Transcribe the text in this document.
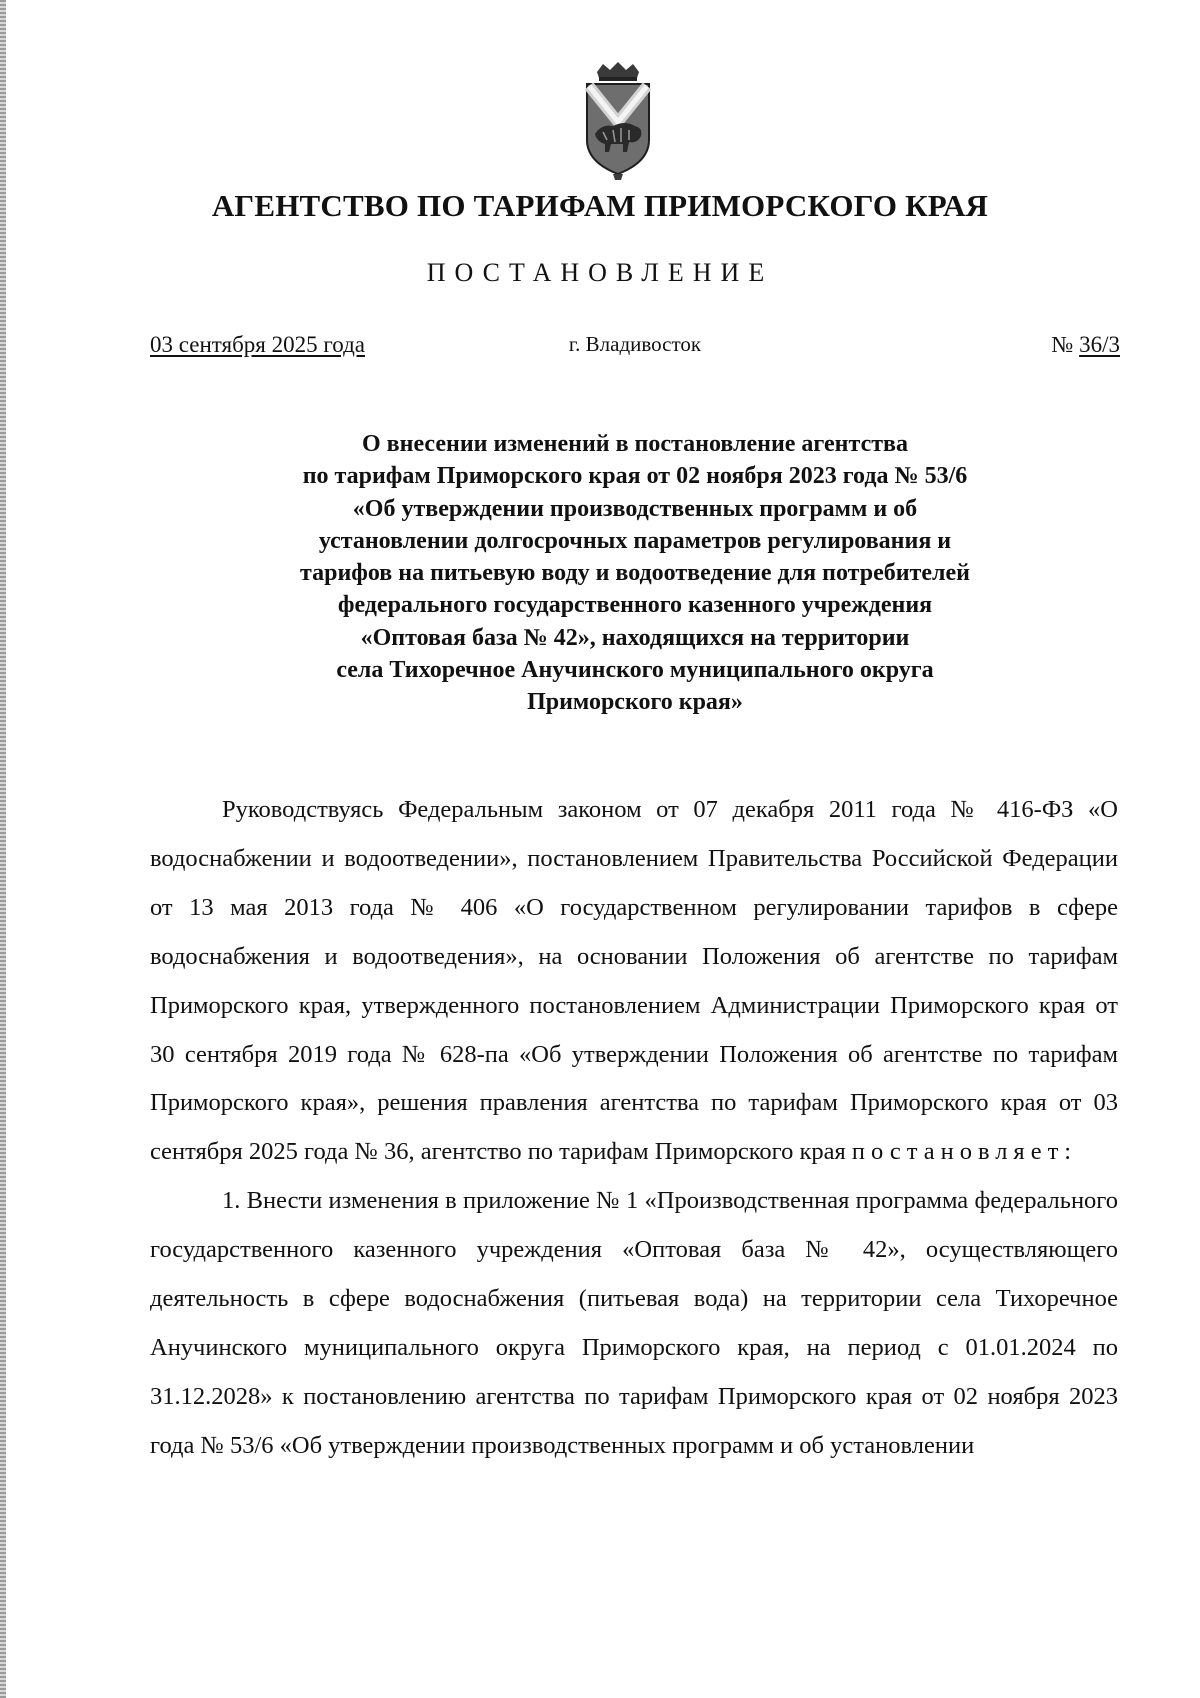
АГЕНТСТВО ПО ТАРИФАМ ПРИМОРСКОГО КРАЯ
ПОСТАНОВЛЕНИЕ
03 сентября 2025 года	г. Владивосток	№ 36/3
О внесении изменений в постановление агентства
по тарифам Приморского края от 02 ноября 2023 года № 53/6
«Об утверждении производственных программ и об
установлении долгосрочных параметров регулирования и
тарифов на питьевую воду и водоотведение для потребителей
федерального государственного казенного учреждения
«Оптовая база № 42», находящихся на территории
села Тихоречное Анучинского муниципального округа
Приморского края»

Руководствуясь Федеральным законом от 07 декабря 2011 года № 416-ФЗ «О водоснабжении и водоотведении», постановлением Правительства Российской Федерации от 13 мая 2013 года № 406 «О государственном регулировании тарифов в сфере водоснабжения и водоотведения», на основании Положения об агентстве по тарифам Приморского края, утвержденного постановлением Администрации Приморского края от 30 сентября 2019 года № 628-па «Об утверждении Положения об агентстве по тарифам Приморского края», решения правления агентства по тарифам Приморского края от 03 сентября 2025 года № 36, агентство по тарифам Приморского края постановляет:

1. Внести изменения в приложение № 1 «Производственная программа федерального государственного казенного учреждения «Оптовая база № 42», осуществляющего деятельность в сфере водоснабжения (питьевая вода) на территории села Тихоречное Анучинского муниципального округа Приморского края, на период с 01.01.2024 по 31.12.2028» к постановлению агентства по тарифам Приморского края от 02 ноября 2023 года № 53/6 «Об утверждении производственных программ и об установлении
